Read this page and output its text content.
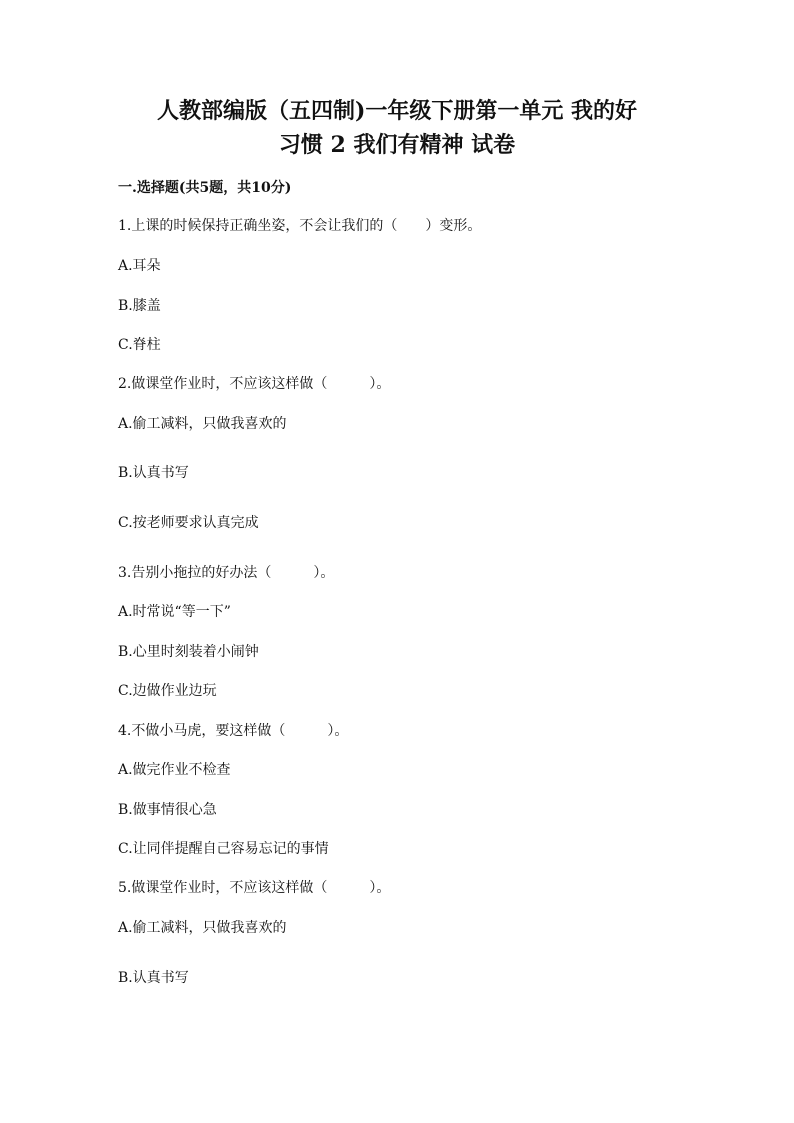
人教部编版（五四制)一年级下册第一单元 我的好
习惯 2 我们有精神 试卷
一.选择题(共5题，共10分)
1.上课的时候保持正确坐姿，不会让我们的（　　）变形。
A.耳朵
B.膝盖
C.脊柱
2.做课堂作业时，不应该这样做（　　　）。
A.偷工减料，只做我喜欢的
B.认真书写
C.按老师要求认真完成
3.告别小拖拉的好办法（　　　）。
A.时常说“等一下”
B.心里时刻装着小闹钟
C.边做作业边玩
4.不做小马虎，要这样做（　　　）。
A.做完作业不检查
B.做事情很心急
C.让同伴提醒自己容易忘记的事情
5.做课堂作业时，不应该这样做（　　　）。
A.偷工减料，只做我喜欢的
B.认真书写
